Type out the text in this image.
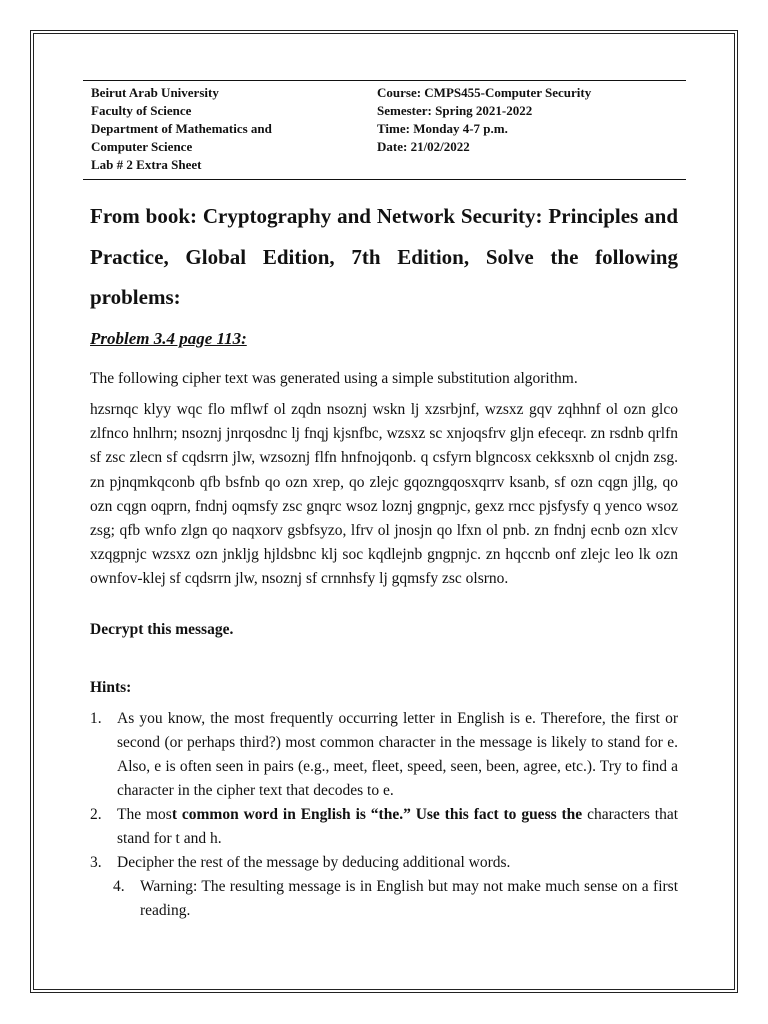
Beirut Arab University
Faculty of Science
Department of Mathematics and
Computer Science
Lab # 2 Extra Sheet
Course: CMPS455-Computer Security
Semester: Spring 2021-2022
Time: Monday 4-7 p.m.
Date: 21/02/2022
From book: Cryptography and Network Security: Principles and Practice, Global Edition, 7th Edition, Solve the following problems:
Problem 3.4 page 113:
The following cipher text was generated using a simple substitution algorithm.
hzsrnqc klyy wqc flo mflwf ol zqdn nsoznj wskn lj xzsrbjnf, wzsxz gqv zqhhnf ol ozn glco zlfnco hnlhrn; nsoznj jnrqosdnc lj fnqj kjsnfbc, wzsxz sc xnjoqsfrv gljn efeceqr. zn rsdnb qrlfn sf zsc zlecn sf cqdsrrn jlw, wzsoznj flfn hnfnojqonb. q csfyrn blgncosx cekksxnb ol cnjdn zsg. zn pjnqmkqconb qfb bsfnb qo ozn xrep, qo zlejc gqozngqosxqrrv ksanb, sf ozn cqgn jllg, qo ozn cqgn oqprn, fndnj oqmsfy zsc gnqrc wsoz loznj gngpnjc, gexz rncc pjsfysfy q yenco wsoz zsg; qfb wnfo zlgn qo naqxorv gsbfsyzo, lfrv ol jnosjn qo lfxn ol pnb. zn fndnj ecnb ozn xlcv xzqgpnjc wzsxz ozn jnkljg hjldsbnc klj soc kqdlejnb gngpnjc. zn hqccnb onf zlejc leo lk ozn ownfov-klej sf cqdsrrn jlw, nsoznj sf crnnhsfy lj gqmsfy zsc olsrno.
Decrypt this message.
Hints:
1. As you know, the most frequently occurring letter in English is e. Therefore, the first or second (or perhaps third?) most common character in the message is likely to stand for e. Also, e is often seen in pairs (e.g., meet, fleet, speed, seen, been, agree, etc.). Try to find a character in the cipher text that decodes to e.
2. The most common word in English is “the.” Use this fact to guess the characters that stand for t and h.
3. Decipher the rest of the message by deducing additional words.
4. Warning: The resulting message is in English but may not make much sense on a first reading.
